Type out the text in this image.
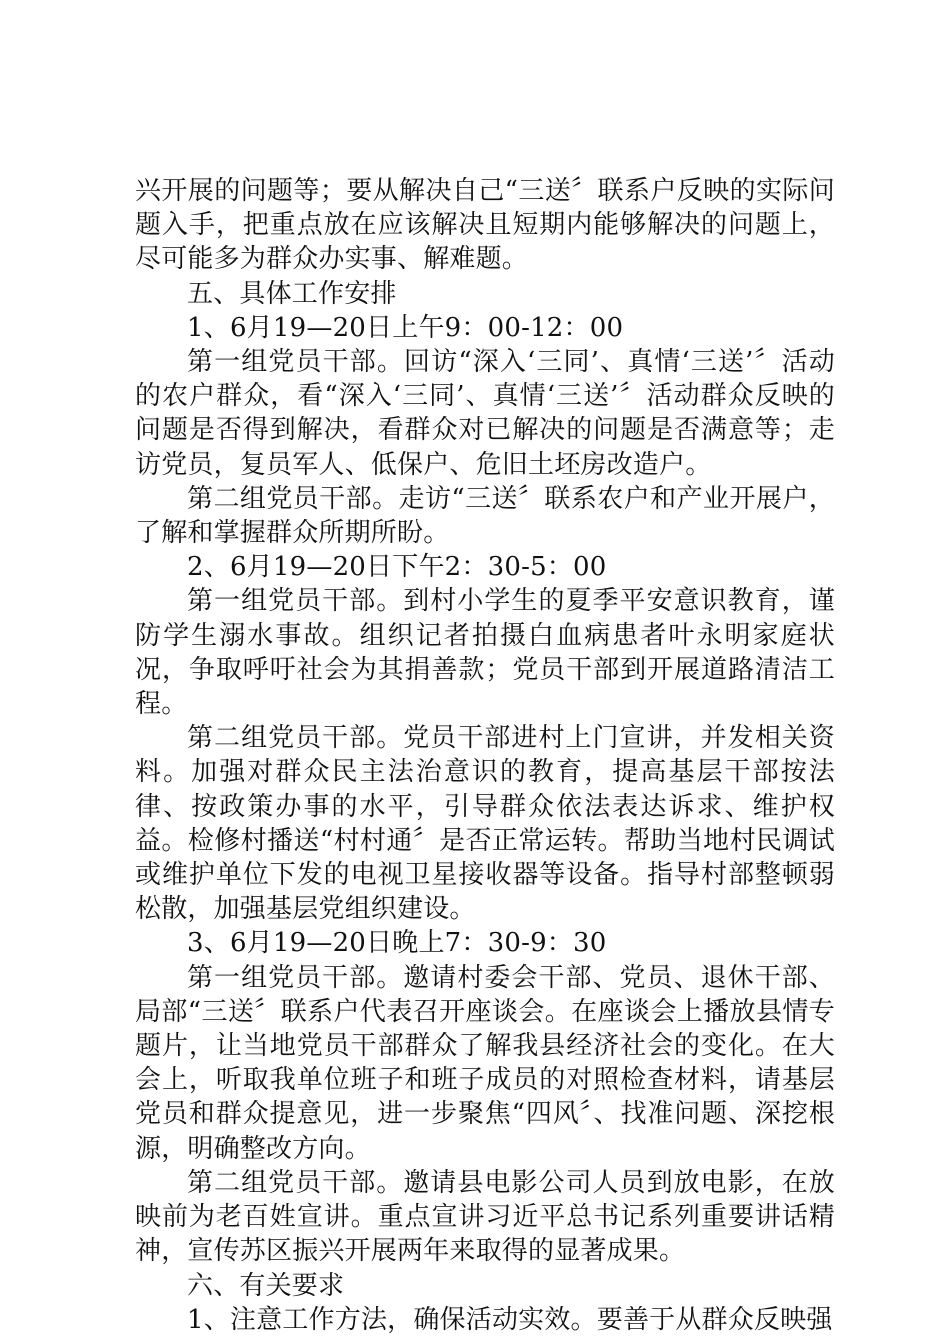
兴开展的问题等；要从解决自己“三送〞联系户反映的实际问题入手，把重点放在应该解决且短期内能够解决的问题上，尽可能多为群众办实事、解难题。

五、具体工作安排

1、6月19—20日上午9：00-12：00

第一组党员干部。回访“深入‘三同’、真情‘三送’〞活动的农户群众，看“深入‘三同’、真情‘三送’〞活动群众反映的问题是否得到解决，看群众对已解决的问题是否满意等；走访党员，复员军人、低保户、危旧土坯房改造户。

第二组党员干部。走访“三送〞联系农户和产业开展户，了解和掌握群众所期所盼。

2、6月19—20日下午2：30-5：00

第一组党员干部。到村小学生的夏季平安意识教育，谨防学生溺水事故。组织记者拍摄白血病患者叶永明家庭状况，争取呼吁社会为其捐善款；党员干部到开展道路清洁工程。

第二组党员干部。党员干部进村上门宣讲，并发相关资料。加强对群众民主法治意识的教育，提高基层干部按法律、按政策办事的水平，引导群众依法表达诉求、维护权益。检修村播送“村村通〞是否正常运转。帮助当地村民调试或维护单位下发的电视卫星接收器等设备。指导村部整顿弱松散，加强基层党组织建设。

3、6月19—20日晚上7：30-9：30

第一组党员干部。邀请村委会干部、党员、退休干部、局部“三送〞联系户代表召开座谈会。在座谈会上播放县情专题片，让当地党员干部群众了解我县经济社会的变化。在大会上，听取我单位班子和班子成员的对照检查材料，请基层党员和群众提意见，进一步聚焦“四风〞、找准问题、深挖根源，明确整改方向。

第二组党员干部。邀请县电影公司人员到放电影，在放映前为老百姓宣讲。重点宣讲习近平总书记系列重要讲话精神，宣传苏区振兴开展两年来取得的显著成果。

六、有关要求

1、注意工作方法，确保活动实效。要善于从群众反映强
